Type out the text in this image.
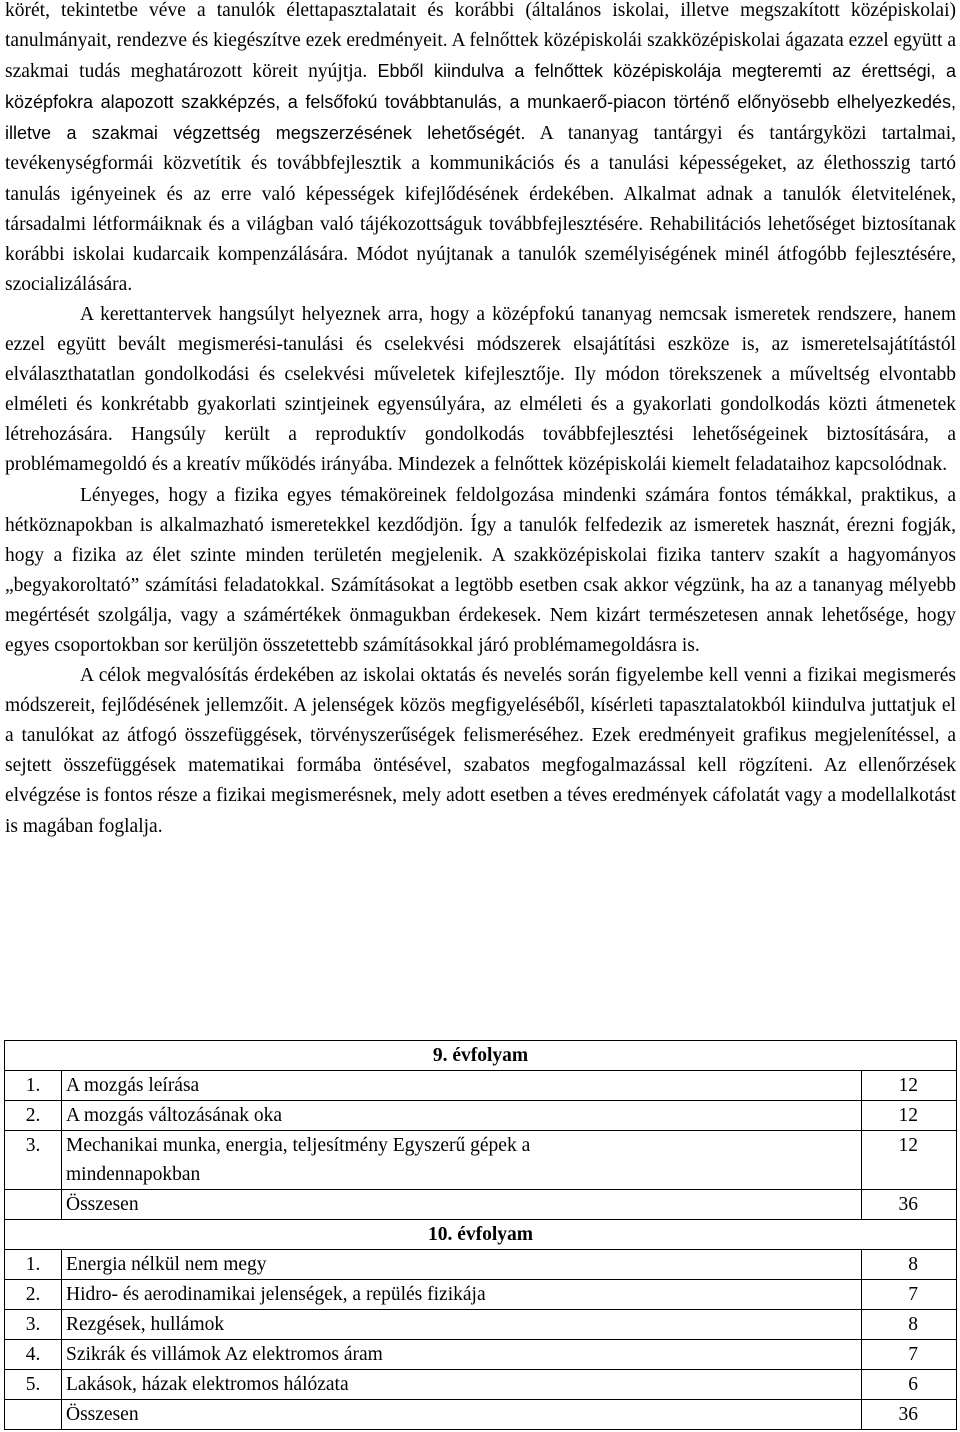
körét, tekintetbe véve a tanulók élettapasztalatait és korábbi (általános iskolai, illetve megszakított középiskolai) tanulmányait, rendezve és kiegészítve ezek eredményeit. A felnőttek középiskolái szakközépiskolai ágazata ezzel együtt a szakmai tudás meghatározott köreit nyújtja. Ebből kiindulva a felnőttek középiskolája megteremti az érettségi, a középfokra alapozott szakképzés, a felsőfokú továbbtanulás, a munkaerő-piacon történő előnyösebb elhelyezkedés, illetve a szakmai végzettség megszerzésének lehetőségét. A tananyag tantárgyi és tantárgyközi tartalmai, tevékenységformái közvetítik és továbbfejlesztik a kommunikációs és a tanulási képességeket, az élethosszig tartó tanulás igényeinek és az erre való képességek kifejlődésének érdekében. Alkalmat adnak a tanulók életvitelének, társadalmi létformáiknak és a világban való tájékozottságuk továbbfejlesztésére. Rehabilitációs lehetőséget biztosítanak korábbi iskolai kudarcaik kompenzálására. Módot nyújtanak a tanulók személyiségének minél átfogóbb fejlesztésére, szocializálására.

A kerettantervek hangsúlyt helyeznek arra, hogy a középfokú tananyag nemcsak ismeretek rendszere, hanem ezzel együtt bevált megismerési-tanulási és cselekvési módszerek elsajátítási eszköze is, az ismeretelsajátítástól elválaszthatatlan gondolkodási és cselekvési műveletek kifejlesztője. Ily módon törekszenek a műveltség elvontabb elméleti és konkrétabb gyakorlati szintjeinek egyensúlyára, az elméleti és a gyakorlati gondolkodás közti átmenetek létrehozására. Hangsúly került a reproduktív gondolkodás továbbfejlesztési lehetőségeinek biztosítására, a problémamegoldó és a kreatív működés irányába. Mindezek a felnőttek középiskolái kiemelt feladataihoz kapcsolódnak.

Lényeges, hogy a fizika egyes témaköreinek feldolgozása mindenki számára fontos témákkal, praktikus, a hétköznapokban is alkalmazható ismeretekkel kezdődjön. Így a tanulók felfedezik az ismeretek hasznát, érezni fogják, hogy a fizika az élet szinte minden területén megjelenik. A szakközépiskolai fizika tanterv szakít a hagyományos „begyakoroltató” számítási feladatokkal. Számításokat a legtöbb esetben csak akkor végzünk, ha az a tananyag mélyebb megértését szolgálja, vagy a számértékek önmagukban érdekesek. Nem kizárt természetesen annak lehetősége, hogy egyes csoportokban sor kerüljön összetettebb számításokkal járó problémamegoldásra is.

A célok megvalósítás érdekében az iskolai oktatás és nevelés során figyelembe kell venni a fizikai megismerés módszereit, fejlődésének jellemzőit. A jelenségek közös megfigyeléséből, kísérleti tapasztalatokból kiindulva juttatjuk el a tanulókat az átfogó összefüggések, törvényszerűségek felismeréséhez. Ezek eredményeit grafikus megjelenítéssel, a sejtett összefüggések matematikai formába öntésével, szabatos megfogalmazással kell rögzíteni. Az ellenőrzések elvégzése is fontos része a fizikai megismerésnek, mely adott esetben a téves eredmények cáfolatát vagy a modellalkotást is magában foglalja.

9. évfolyam		
1.	A mozgás leírása	12
2.	A mozgás változásának oka	12
3.	Mechanikai munka, energia, teljesítmény Egyszerű gépek a mindennapokban	12
	Összesen	36
10. évfolyam		
1.	Energia nélkül nem megy	8
2.	Hidro- és aerodinamikai jelenségek, a repülés fizikája	7
3.	Rezgések, hullámok	8
4.	Szikrák és villámok Az elektromos áram	7
5.	Lakások, házak elektromos hálózata	6
	Összesen	36
